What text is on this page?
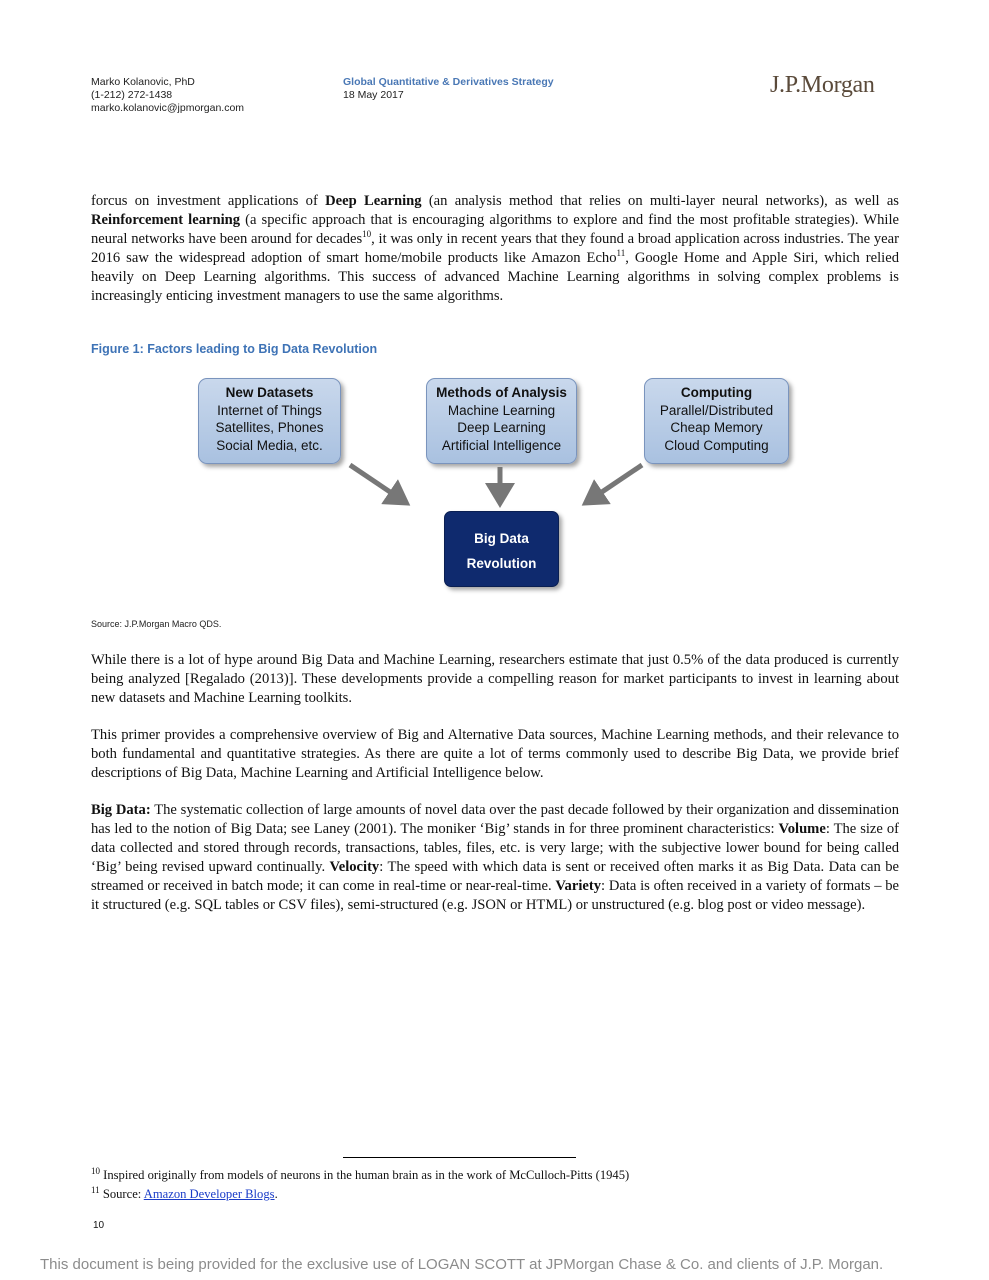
Marko Kolanovic, PhD
(1-212) 272-1438
marko.kolanovic@jpmorgan.com
Global Quantitative & Derivatives Strategy
18 May 2017	J.P.Morgan
forcus on investment applications of Deep Learning (an analysis method that relies on multi-layer neural networks), as well as Reinforcement learning (a specific approach that is encouraging algorithms to explore and find the most profitable strategies). While neural networks have been around for decades$^{10}$, it was only in recent years that they found a broad application across industries. The year 2016 saw the widespread adoption of smart home/mobile products like Amazon Echo$^{11}$, Google Home and Apple Siri, which relied heavily on Deep Learning algorithms. This success of advanced Machine Learning algorithms in solving complex problems is increasingly enticing investment managers to use the same algorithms.
Figure 1: Factors leading to Big Data Revolution
New Datasets
Internet of Things
Satellites, Phones
Social Media, etc.
Methods of Analysis
Machine Learning
Deep Learning
Artificial Intelligence
Computing
Parallel/Distributed
Cheap Memory
Cloud Computing
Big Data
Revolution
Source: J.P.Morgan Macro QDS.
While there is a lot of hype around Big Data and Machine Learning, researchers estimate that just 0.5% of the data produced is currently being analyzed [Regalado (2013)]. These developments provide a compelling reason for market participants to invest in learning about new datasets and Machine Learning toolkits.
This primer provides a comprehensive overview of Big and Alternative Data sources, Machine Learning methods, and their relevance to both fundamental and quantitative strategies. As there are quite a lot of terms commonly used to describe Big Data, we provide brief descriptions of Big Data, Machine Learning and Artificial Intelligence below.
Big Data: The systematic collection of large amounts of novel data over the past decade followed by their organization and dissemination has led to the notion of Big Data; see Laney (2001). The moniker ‘Big’ stands in for three prominent characteristics: Volume: The size of data collected and stored through records, transactions, tables, files, etc. is very large; with the subjective lower bound for being called ‘Big’ being revised upward continually. Velocity: The speed with which data is sent or received often marks it as Big Data. Data can be streamed or received in batch mode; it can come in real-time or near-real-time. Variety: Data is often received in a variety of formats – be it structured (e.g. SQL tables or CSV files), semi-structured (e.g. JSON or HTML) or unstructured (e.g. blog post or video message).
$^{10}$ Inspired originally from models of neurons in the human brain as in the work of McCulloch-Pitts (1945)
$^{11}$ Source: Amazon Developer Blogs.
10
This document is being provided for the exclusive use of LOGAN SCOTT at JPMorgan Chase & Co. and clients of J.P. Morgan.
